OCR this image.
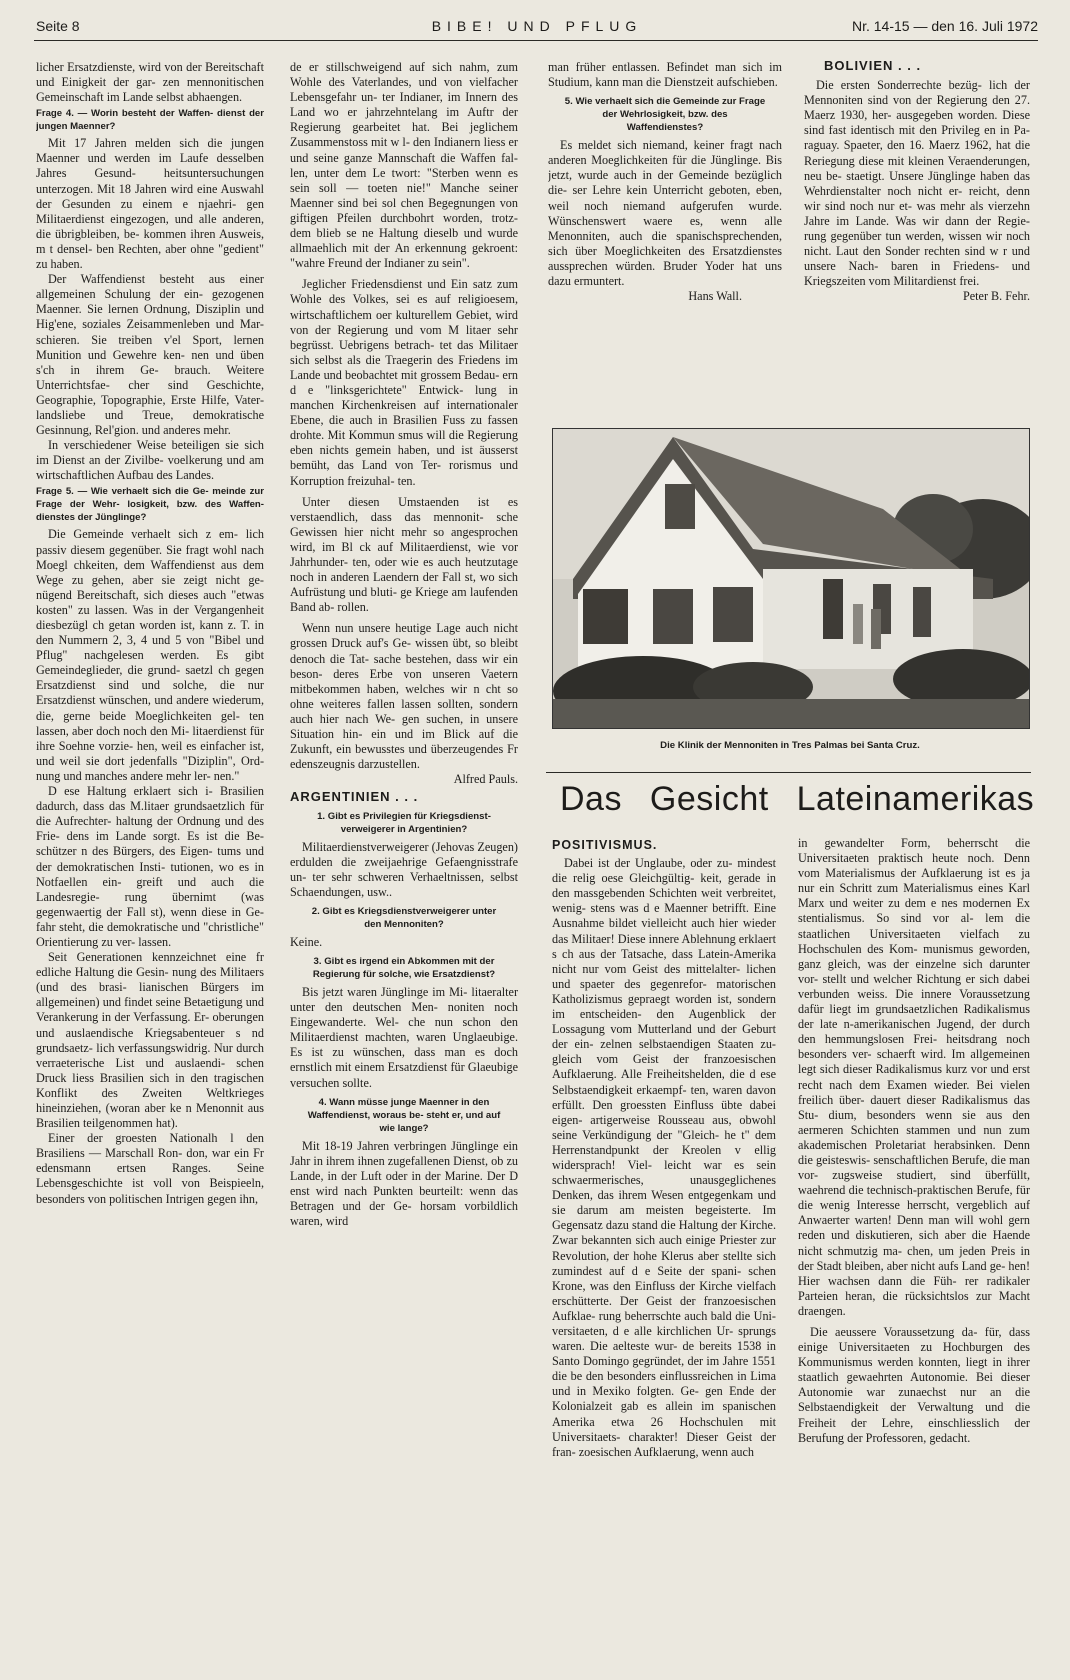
Seite 8	BIBE! UND PFLUG	Nr. 14-15 — den 16. Juli 1972

licher Ersatzdienste, wird von der Bereitschaft und Einigkeit der gar- zen mennonitischen Gemeinschaft im Lande selbst abhaengen.

Frage 4. — Worin besteht der Waffen- dienst der jungen Maenner?

Mit 17 Jahren melden sich die jungen Maenner und werden im Laufe desselben Jahres Gesund- heitsuntersuchungen unterzogen. Mit 18 Jahren wird eine Auswahl der Gesunden zu einem e njaehri- gen Militaerdienst eingezogen, und alle anderen, die übrigbleiben, be- kommen ihren Ausweis, m t densel- ben Rechten, aber ohne "gedient" zu haben.

Der Waffendienst besteht aus einer allgemeinen Schulung der ein- gezogenen Maenner. Sie lernen Ordnung, Disziplin und Hig'ene, soziales Zeisammenleben und Mar- schieren. Sie treiben v'el Sport, lernen Munition und Gewehre ken- nen und üben s'ch in ihrem Ge- brauch. Weitere Unterrichtsfae- cher sind Geschichte, Geographie, Topographie, Erste Hilfe, Vater- landsliebe und Treue, demokratische Gesinnung, Rel'gion. und anderes mehr.

In verschiedener Weise beteiligen sie sich im Dienst an der Zivilbe- voelkerung und am wirtschaftlichen Aufbau des Landes.

Frage 5. — Wie verhaelt sich die Ge- meinde zur Frage der Wehr- losigkeit, bzw. des Waffen- dienstes der Jünglinge?

Die Gemeinde verhaelt sich z em- lich passiv diesem gegenüber. Sie fragt wohl nach Moegl chkeiten, dem Waffendienst aus dem Wege zu gehen, aber sie zeigt nicht ge- nügend Bereitschaft, sich dieses auch "etwas kosten" zu lassen. Was in der Vergangenheit diesbezügl ch getan worden ist, kann z. T. in den Nummern 2, 3, 4 und 5 von "Bibel und Pflug" nachgelesen werden. Es gibt Gemeindeglieder, die grund- saetzl ch gegen Ersatzdienst sind und solche, die nur Ersatzdienst wünschen, und andere wiederum, die, gerne beide Moeglichkeiten gel- ten lassen, aber doch noch den Mi- litaerdienst für ihre Soehne vorzie- hen, weil es einfacher ist, und weil sie dort jedenfalls "Diziplin", Ord- nung und manches andere mehr ler- nen."

D ese Haltung erklaert sich i- Brasilien dadurch, dass das M.litaer grundsaetzlich für die Aufrechter- haltung der Ordnung und des Frie- dens im Lande sorgt. Es ist die Be- schützer n des Bürgers, des Eigen- tums und der demokratischen Insti- tutionen, wo es in Notfaellen ein- greift und auch die Landesregie- rung übernimt (was gegenwaertig der Fall st), wenn diese in Ge- fahr steht, die demokratische und "christliche" Orientierung zu ver- lassen.

Seit Generationen kennzeichnet eine fr edliche Haltung die Gesin- nung des Militaers (und des brasi- lianischen Bürgers im allgemeinen) und findet seine Betaetigung und Verankerung in der Verfassung. Er- oberungen und auslaendische Kriegsabenteuer s nd grundsaetz- lich verfassungswidrig. Nur durch verraeterische List und auslaendi- schen Druck liess Brasilien sich in den tragischen Konflikt des Zweiten Weltkrieges hineinziehen, (woran aber ke n Menonnit aus Brasilien teilgenommen hat).

Einer der groesten Nationalh l den Brasiliens — Marschall Ron- don, war ein Fr edensmann ertsen Ranges. Seine Lebensgeschichte ist voll von Beispieeln, besonders von politischen Intrigen gegen ihn,

de er stillschweigend auf sich nahm, zum Wohle des Vaterlandes, und von vielfacher Lebensgefahr un- ter Indianer, im Innern des Land wo er jahrzehntelang im Auftr der Regierung gearbeitet hat. Bei jeglichem Zusammenstoss mit w l- den Indianern liess er und seine ganze Mannschaft die Waffen fal- len, unter dem Le twort: "Sterben wenn es sein soll — toeten nie!" Manche seiner Maenner sind bei sol chen Begegnungen von giftigen Pfeilen durchbohrt worden, trotz- dem blieb se ne Haltung dieselb und wurde allmaehlich mit der An erkennung gekroent: "wahre Freund der Indianer zu sein".

Jeglicher Friedensdienst und Ein satz zum Wohle des Volkes, sei es auf religioesem, wirtschaftlichem oer kulturellem Gebiet, wird von der Regierung und vom M litaer sehr begrüsst. Uebrigens betrach- tet das Militaer sich selbst als die Traegerin des Friedens im Lande und beobachtet mit grossem Bedau- ern d e "linksgerichtete" Entwick- lung in manchen Kirchenkreisen auf internationaler Ebene, die auch in Brasilien Fuss zu fassen drohte. Mit Kommun smus will die Regierung eben nichts gemein haben, und ist äusserst bemüht, das Land von Ter- rorismus und Korruption freizuhal- ten.

Unter diesen Umstaenden ist es verstaendlich, dass das mennonit- sche Gewissen hier nicht mehr so angesprochen wird, im Bl ck auf Militaerdienst, wie vor Jahrhunder- ten, oder wie es auch heutzutage noch in anderen Laendern der Fall st, wo sich Aufrüstung und bluti- ge Kriege am laufenden Band ab- rollen.

Wenn nun unsere heutige Lage auch nicht grossen Druck auf's Ge- wissen übt, so bleibt denoch die Tat- sache bestehen, dass wir ein beson- deres Erbe von unseren Vaetern mitbekommen haben, welches wir n cht so ohne weiteres fallen lassen sollten, sondern auch hier nach We- gen suchen, in unsere Situation hin- ein und im Blick auf die Zukunft, ein bewusstes und überzeugendes Fr edenszeugnis darzustellen.

Alfred Pauls.

ARGENTINIEN . . .
1. Gibt es Privilegien für Kriegsdienst- verweigerer in Argentinien?

Militaerdienstverweigerer (Jehovas Zeugen) erdulden die zweijaehrige Gefaengnisstrafe un- ter sehr schweren Verhaeltnissen, selbst Schaendungen, usw..

2. Gibt es Kriegsdienstverweigerer unter den Mennoniten?

Keine.

3. Gibt es irgend ein Abkommen mit der Regierung für solche, wie Ersatzdienst?

Bis jetzt waren Jünglinge im Mi- litaeralter unter den deutschen Men- noniten noch Eingewanderte. Wel- che nun schon den Militaerdienst machten, waren Unglaeubige. Es ist zu wünschen, dass man es doch ernstlich mit einem Ersatzdienst für Glaeubige versuchen sollte.

4. Wann müsse junge Maenner in den Waffendienst, woraus be- steht er, und auf wie lange?

Mit 18-19 Jahren verbringen Jünglinge ein Jahr in ihrem ihnen zugefallenen Dienst, ob zu Lande, in der Luft oder in der Marine. Der D enst wird nach Punkten beurteilt: wenn das Betragen und der Ge- horsam vorbildlich waren, wird

man früher entlassen. Befindet man sich im Studium, kann man die Dienstzeit aufschieben.

5. Wie verhaelt sich die Gemeinde zur Frage der Wehrlosigkeit, bzw. des Waffendienstes?

Es meldet sich niemand, keiner fragt nach anderen Moeglichkeiten für die Jünglinge. Bis jetzt, wurde auch in der Gemeinde bezüglich die- ser Lehre kein Unterricht geboten, eben, weil noch niemand aufgerufen wurde. Wünschenswert waere es, wenn alle Menonniten, auch die spanischsprechenden, sich über Moeglichkeiten des Ersatzdienstes aussprechen würden. Bruder Yoder hat uns dazu ermuntert.

Hans Wall.

BOLIVIEN . . .

Die ersten Sonderrechte bezüg- lich der Mennoniten sind von der Regierung den 27. Maerz 1930, her- ausgegeben worden. Diese sind fast identisch mit den Privileg en in Pa- raguay. Spaeter, den 16. Maerz 1962, hat die Reriegung diese mit kleinen Veraenderungen, neu be- staetigt. Unsere Jünglinge haben das Wehrdienstalter noch nicht er- reicht, denn wir sind noch nur et- was mehr als vierzehn Jahre im Lande. Was wir dann der Regie- rung gegenüber tun werden, wissen wir noch nicht. Laut den Sonder rechten sind w r und unsere Nach- baren in Friedens- und Kriegszeiten vom Militardienst frei.

Peter B. Fehr.

Die Klinik der Mennoniten in Tres Palmas bei Santa Cruz.
Das Gesicht Lateinamerikas
POSITIVISMUS.

Dabei ist der Unglaube, oder zu- mindest die relig oese Gleichgültig- keit, gerade in den massgebenden Schichten weit verbreitet, wenig- stens was d e Maenner betrifft. Eine Ausnahme bildet vielleicht auch hier wieder das Militaer! Diese innere Ablehnung erklaert s ch aus der Tatsache, dass Latein-Amerika nicht nur vom Geist des mittelalter- lichen und spaeter des gegenrefor- matorischen Katholizismus gepraegt worden ist, sondern im entscheiden- den Augenblick der Lossagung vom Mutterland und der Geburt der ein- zelnen selbstaendigen Staaten zu- gleich vom Geist der franzoesischen Aufklaerung. Alle Freiheitshelden, die d ese Selbstaendigkeit erkaempf- ten, waren davon erfüllt. Den groessten Einfluss übte dabei eigen- artigerweise Rousseau aus, obwohl seine Verkündigung der "Gleich- he t" dem Herrenstandpunkt der Kreolen v ellig widersprach! Viel- leicht war es sein schwaermerisches, unausgeglichenes Denken, das ihrem Wesen entgegenkam und sie darum am meisten begeisterte. Im Gegensatz dazu stand die Haltung der Kirche. Zwar bekannten sich auch einige Priester zur Revolution, der hohe Klerus aber stellte sich zumindest auf d e Seite der spani- schen Krone, was den Einfluss der Kirche vielfach erschütterte. Der Geist der franzoesischen Aufklae- rung beherrschte auch bald die Uni- versitaeten, d e alle kirchlichen Ur- sprungs waren. Die aelteste wur- de bereits 1538 in Santo Domingo gegründet, der im Jahre 1551 die be den besonders einflussreichen in Lima und in Mexiko folgten. Ge- gen Ende der Kolonialzeit gab es allein im spanischen Amerika etwa 26 Hochschulen mit Universitaets- charakter! Dieser Geist der fran- zoesischen Aufklaerung, wenn auch

in gewandelter Form, beherrscht die Universitaeten praktisch heute noch. Denn vom Materialismus der Aufklaerung ist es ja nur ein Schritt zum Materialismus eines Karl Marx und weiter zu dem e nes modernen Ex stentialismus. So sind vor al- lem die staatlichen Universitaeten vielfach zu Hochschulen des Kom- munismus geworden, ganz gleich, was der einzelne sich darunter vor- stellt und welcher Richtung er sich dabei verbunden weiss. Die innere Voraussetzung dafür liegt im grundsaetzlichen Radikalismus der late n-amerikanischen Jugend, der durch den hemmungslosen Frei- heitsdrang noch besonders ver- schaerft wird. Im allgemeinen legt sich dieser Radikalismus kurz vor und erst recht nach dem Examen wieder. Bei vielen freilich über- dauert dieser Radikalismus das Stu- dium, besonders wenn sie aus den aermeren Schichten stammen und nun zum akademischen Proletariat herabsinken. Denn die geisteswis- senschaftlichen Berufe, die man vor- zugsweise studiert, sind überfüllt, waehrend die technisch-praktischen Berufe, für die wenig Interesse herrscht, vergeblich auf Anwaerter warten! Denn man will wohl gern reden und diskutieren, sich aber die Haende nicht schmutzig ma- chen, um jeden Preis in der Stadt bleiben, aber nicht aufs Land ge- hen! Hier wachsen dann die Füh- rer radikaler Parteien heran, die rücksichtslos zur Macht draengen.

Die aeussere Voraussetzung da- für, dass einige Universitaeten zu Hochburgen des Kommunismus werden konnten, liegt in ihrer staatlich gewaehrten Autonomie. Bei dieser Autonomie war zunaechst nur an die Selbstaendigkeit der Verwaltung und die Freiheit der Lehre, einschliesslich der Berufung der Professoren, gedacht.
